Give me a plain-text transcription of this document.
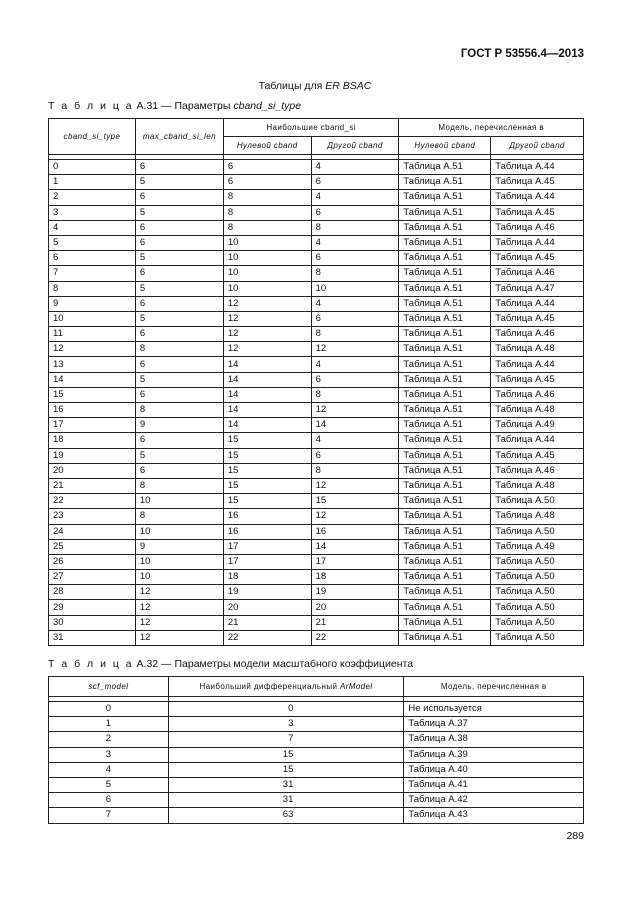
ГОСТ Р 53556.4—2013
Таблицы для ER BSAC
Т а б л и ц а А.31 — Параметры cband_si_type
cband_si_type	max_cband_si_len	Наибольшие cband_si		Модель, перечисленная в	
		Нулевой cband	Другой cband	Нулевой cband	Другой cband

0	6	6	4	Таблица А.51	Таблица А.44
1	5	6	6	Таблица А.51	Таблица А.45
2	6	8	4	Таблица А.51	Таблица А.44
3	5	8	6	Таблица А.51	Таблица А.45
4	6	8	8	Таблица А.51	Таблица А.46
5	6	10	4	Таблица А.51	Таблица А.44
6	5	10	6	Таблица А.51	Таблица А.45
7	6	10	8	Таблица А.51	Таблица А.46
8	5	10	10	Таблица А.51	Таблица А.47
9	6	12	4	Таблица А.51	Таблица А.44
10	5	12	6	Таблица А.51	Таблица А.45
11	6	12	8	Таблица А.51	Таблица А.46
12	8	12	12	Таблица А.51	Таблица А.48
13	6	14	4	Таблица А.51	Таблица А.44
14	5	14	6	Таблица А.51	Таблица А.45
15	6	14	8	Таблица А.51	Таблица А.46
16	8	14	12	Таблица А.51	Таблица А.48
17	9	14	14	Таблица А.51	Таблица А.49
18	6	15	4	Таблица А.51	Таблица А.44
19	5	15	6	Таблица А.51	Таблица А.45
20	6	15	8	Таблица А.51	Таблица А.46
21	8	15	12	Таблица А.51	Таблица А.48
22	10	15	15	Таблица А.51	Таблица А.50
23	8	16	12	Таблица А.51	Таблица А.48
24	10	16	16	Таблица А.51	Таблица А.50
25	9	17	14	Таблица А.51	Таблица А.49
26	10	17	17	Таблица А.51	Таблица А.50
27	10	18	18	Таблица А.51	Таблица А.50
28	12	19	19	Таблица А.51	Таблица А.50
29	12	20	20	Таблица А.51	Таблица А.50
30	12	21	21	Таблица А.51	Таблица А.50
31	12	22	22	Таблица А.51	Таблица А.50
Т а б л и ц а А.32 — Параметры модели масштабного коэффициента
scf_model	Наибольший дифференциальный ArModel	Модель, перечисленная в

0	0	Не используется
1	3	Таблица А.37
2	7	Таблица А.38
3	15	Таблица А.39
4	15	Таблица А.40
5	31	Таблица А.41
6	31	Таблица А.42
7	63	Таблица А.43
289
